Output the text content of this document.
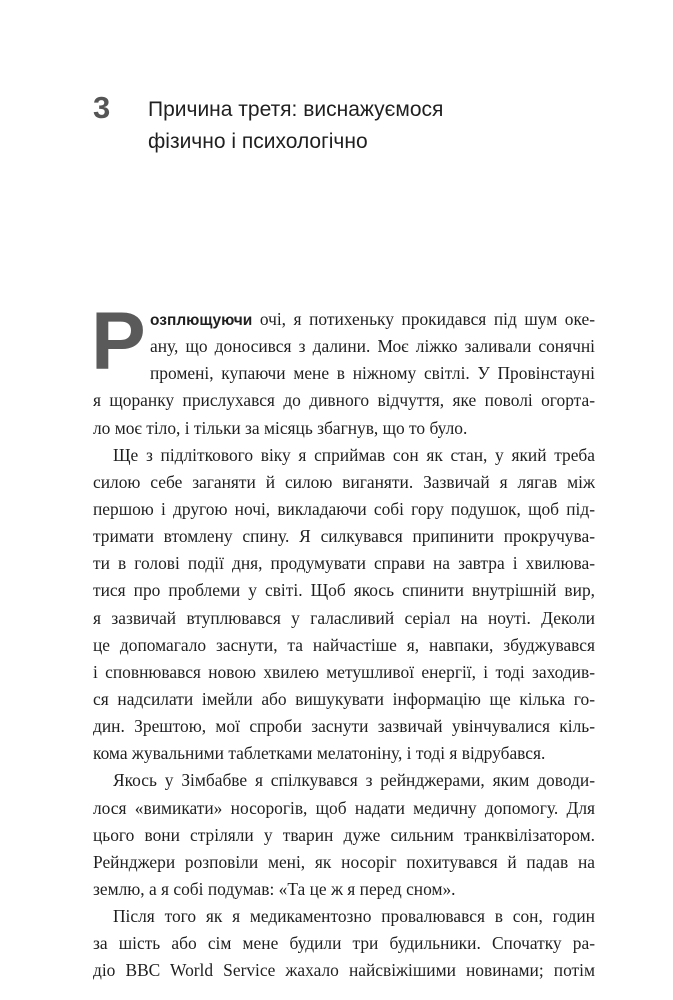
3 Причина третя: виснажуємося
фізично і психологічно
Р озплющуючи очі, я потихеньку прокидався під шум оке-
ану, що доносився з далини. Моє ліжко заливали сонячні
промені, купаючи мене в ніжному світлі. У Провінстауні
я щоранку прислухався до дивного відчуття, яке поволі огорта-
ло моє тіло, і тільки за місяць збагнув, що то було.
Ще з підліткового віку я сприймав сон як стан, у який треба
силою себе заганяти й силою виганяти. Зазвичай я лягав між
першою і другою ночі, викладаючи собі гору подушок, щоб під-
тримати втомлену спину. Я силкувався припинити прокручува-
ти в голові події дня, продумувати справи на завтра і хвилюва-
тися про проблеми у світі. Щоб якось спинити внутрішній вир,
я зазвичай втуплювався у галасливий серіал на ноуті. Деколи
це допомагало заснути, та найчастіше я, навпаки, збуджувався
і сповнювався новою хвилею метушливої енергії, і тоді заходив-
ся надсилати імейли або вишукувати інформацію ще кілька го-
дин. Зрештою, мої спроби заснути зазвичай увінчувалися кіль-
кома жувальними таблетками мелатоніну, і тоді я відрубався.
Якось у Зімбабве я спілкувався з рейнджерами, яким доводи-
лося «вимикати» носорогів, щоб надати медичну допомогу. Для
цього вони стріляли у тварин дуже сильним транквілізатором.
Рейнджери розповіли мені, як носоріг похитувався й падав на
землю, а я собі подумав: «Та це ж я перед сном».
Після того як я медикаментозно провалювався в сон, годин
за шість або сім мене будили три будильники. Спочатку ра-
діо BBC World Service жахало найсвіжішими новинами; потім
